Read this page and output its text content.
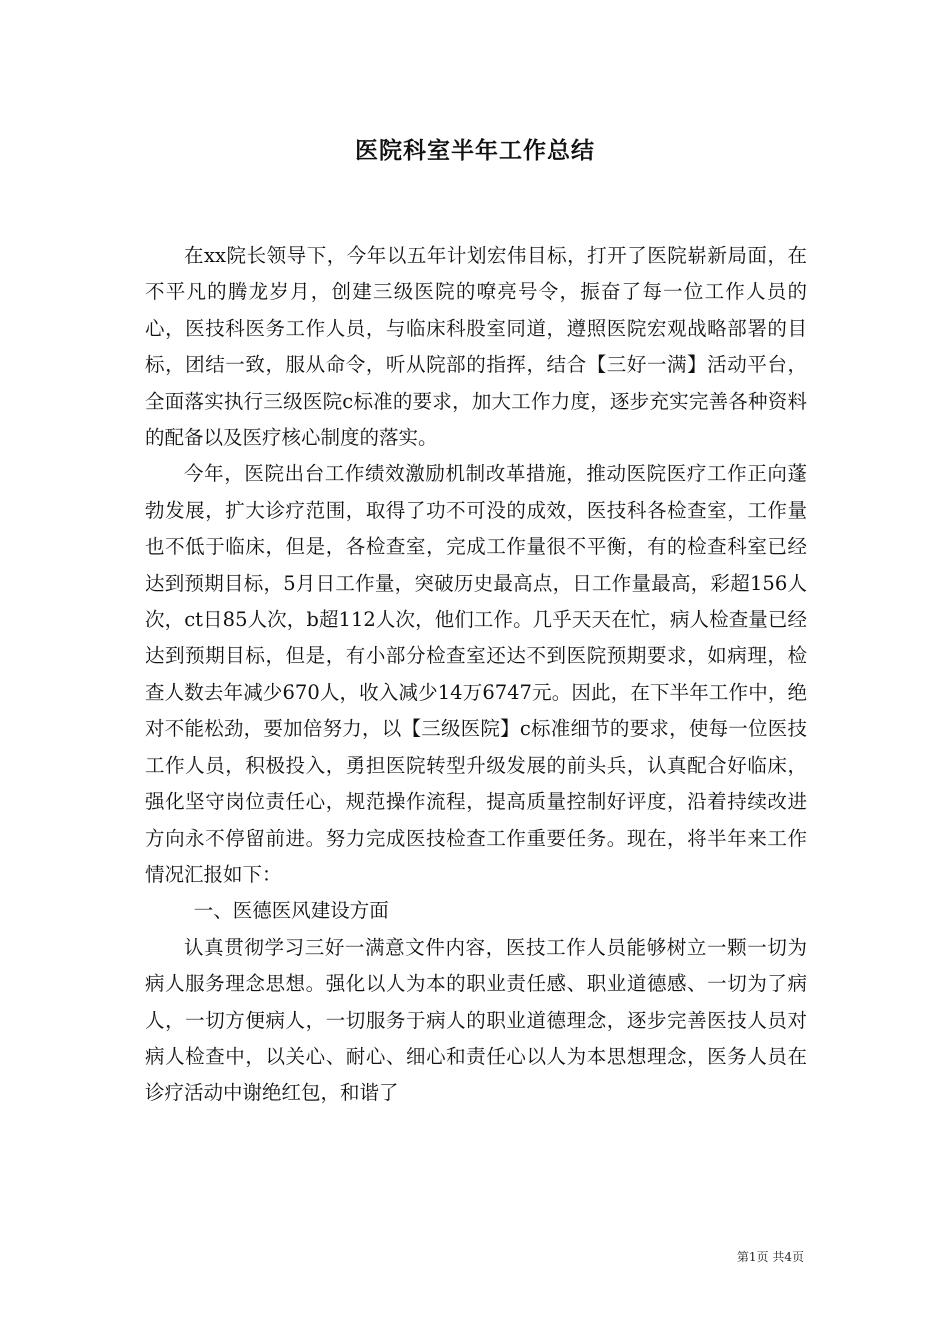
医院科室半年工作总结

在xx院长领导下，今年以五年计划宏伟目标，打开了医院崭新局面，在不平凡的腾龙岁月，创建三级医院的嘹亮号令，振奋了每一位工作人员的心，医技科医务工作人员，与临床科股室同道，遵照医院宏观战略部署的目标，团结一致，服从命令，听从院部的指挥，结合【三好一满】活动平台，全面落实执行三级医院c标准的要求，加大工作力度，逐步充实完善各种资料的配备以及医疗核心制度的落实。

今年，医院出台工作绩效激励机制改革措施，推动医院医疗工作正向蓬勃发展，扩大诊疗范围，取得了功不可没的成效，医技科各检查室，工作量也不低于临床，但是，各检查室，完成工作量很不平衡，有的检查科室已经达到预期目标，5月日工作量，突破历史最高点，日工作量最高，彩超156人次，ct日85人次，b超112人次，他们工作。几乎天天在忙，病人检查量已经达到预期目标，但是，有小部分检查室还达不到医院预期要求，如病理，检查人数去年减少670人，收入减少14万6747元。因此，在下半年工作中，绝对不能松劲，要加倍努力，以【三级医院】c标准细节的要求，使每一位医技工作人员，积极投入，勇担医院转型升级发展的前头兵，认真配合好临床，强化坚守岗位责任心，规范操作流程，提高质量控制好评度，沿着持续改进方向永不停留前进。努力完成医技检查工作重要任务。现在，将半年来工作情况汇报如下：

一、医德医风建设方面

认真贯彻学习三好一满意文件内容，医技工作人员能够树立一颗一切为病人服务理念思想。强化以人为本的职业责任感、职业道德感、一切为了病人，一切方便病人，一切服务于病人的职业道德理念，逐步完善医技人员对病人检查中，以关心、耐心、细心和责任心以人为本思想理念，医务人员在诊疗活动中谢绝红包，和谐了

第1页 共4页
